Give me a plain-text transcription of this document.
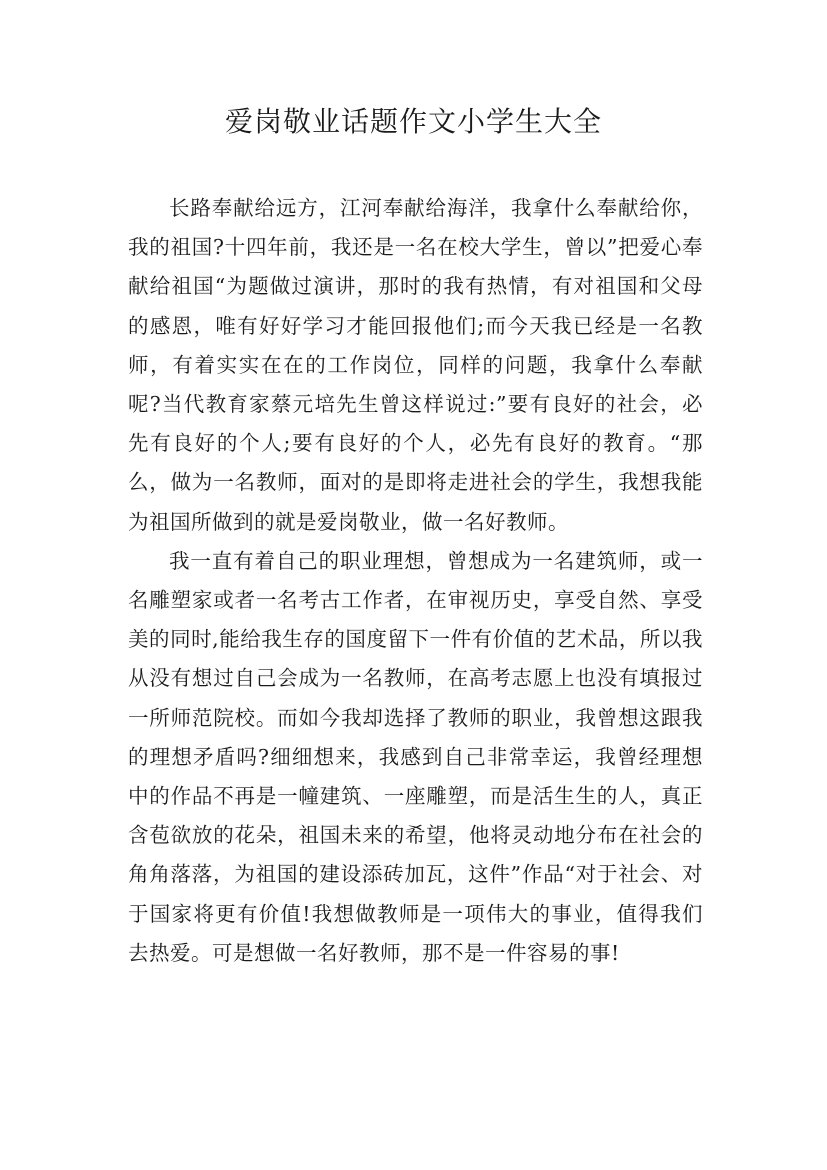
爱岗敬业话题作文小学生大全

长路奉献给远方，江河奉献给海洋，我拿什么奉献给你，我的祖国?十四年前，我还是一名在校大学生，曾以”把爱心奉献给祖国“为题做过演讲，那时的我有热情，有对祖国和父母的感恩，唯有好好学习才能回报他们;而今天我已经是一名教师，有着实实在在的工作岗位，同样的问题，我拿什么奉献呢?当代教育家蔡元培先生曾这样说过:”要有良好的社会，必先有良好的个人;要有良好的个人，必先有良好的教育。“那么，做为一名教师，面对的是即将走进社会的学生，我想我能为祖国所做到的就是爱岗敬业，做一名好教师。

我一直有着自己的职业理想，曾想成为一名建筑师，或一名雕塑家或者一名考古工作者，在审视历史，享受自然、享受美的同时,能给我生存的国度留下一件有价值的艺术品，所以我从没有想过自己会成为一名教师，在高考志愿上也没有填报过一所师范院校。而如今我却选择了教师的职业，我曾想这跟我的理想矛盾吗?细细想来，我感到自己非常幸运，我曾经理想中的作品不再是一幢建筑、一座雕塑，而是活生生的人，真正含苞欲放的花朵，祖国未来的希望，他将灵动地分布在社会的角角落落，为祖国的建设添砖加瓦，这件”作品“对于社会、对于国家将更有价值!我想做教师是一项伟大的事业，值得我们去热爱。可是想做一名好教师，那不是一件容易的事!
